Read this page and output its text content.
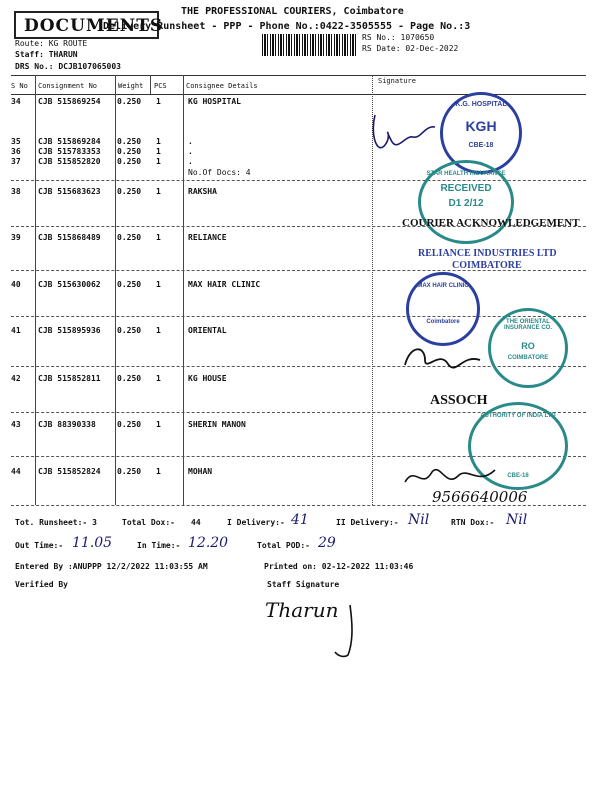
DOCUMENTS
THE PROFESSIONAL COURIERS, Coimbatore
Delivery Runsheet - PPP - Phone No.:0422-3505555 - Page No.:3
Route: KG ROUTE
Staff: THARUN
DRS No.: DCJB107065003
RS No.: 1070650
RS Date: 02-Dec-2022
S No Consignment No	Weight PCS	Consignee Details
Signature
34 CJB 515869254 0.250 1	KG HOSPITAL
35 CJB 515869284 0.250 1	.
36 CJB 515783353 0.250 1	.
37 CJB 515852820 0.250 1	.
38 CJB 515683623 0.250 1	RAKSHA
39 CJB 515868489 0.250 1	RELIANCE
40 CJB 515630062 0.250 1	MAX HAIR CLINIC
41 CJB 515895936 0.250 1	ORIENTAL
42 CJB 515852811 0.250 1	KG HOUSE
43 CJB 88390338	0.250 1	SHERIN MANON
44 CJB 515852824 0.250 1	MOHAN
No.Of Docs: 4
K.G. HOSPITAL
KGH
CBE-18
STAR HEALTH INSURANCE
RECEIVED
D1 2/12
COURIER ACKNOWLEDGEMENT
RELIANCE INDUSTRIES LTD
COIMBATORE
MAX HAIR CLINIC
Coimbatore	THE ORIENTAL INSURANCE CO.
RO
COIMBATORE
ASSOCH
AUTHORITY OF INDIA LTD
CBE-18
9566640006
Tot. Runsheet:- 3	Total Dox:- 44	I Delivery:- 41	II Delivery:- Nil	RTN Dox:- Nil
Out Time:- 11.05	In Time:- 12.20	Total POD:- 29
Entered By :ANUPPP 12/2/2022 11:03:55 AM	Printed on: 02-12-2022 11:03:46
Verified By	Staff Signature
Tharun
